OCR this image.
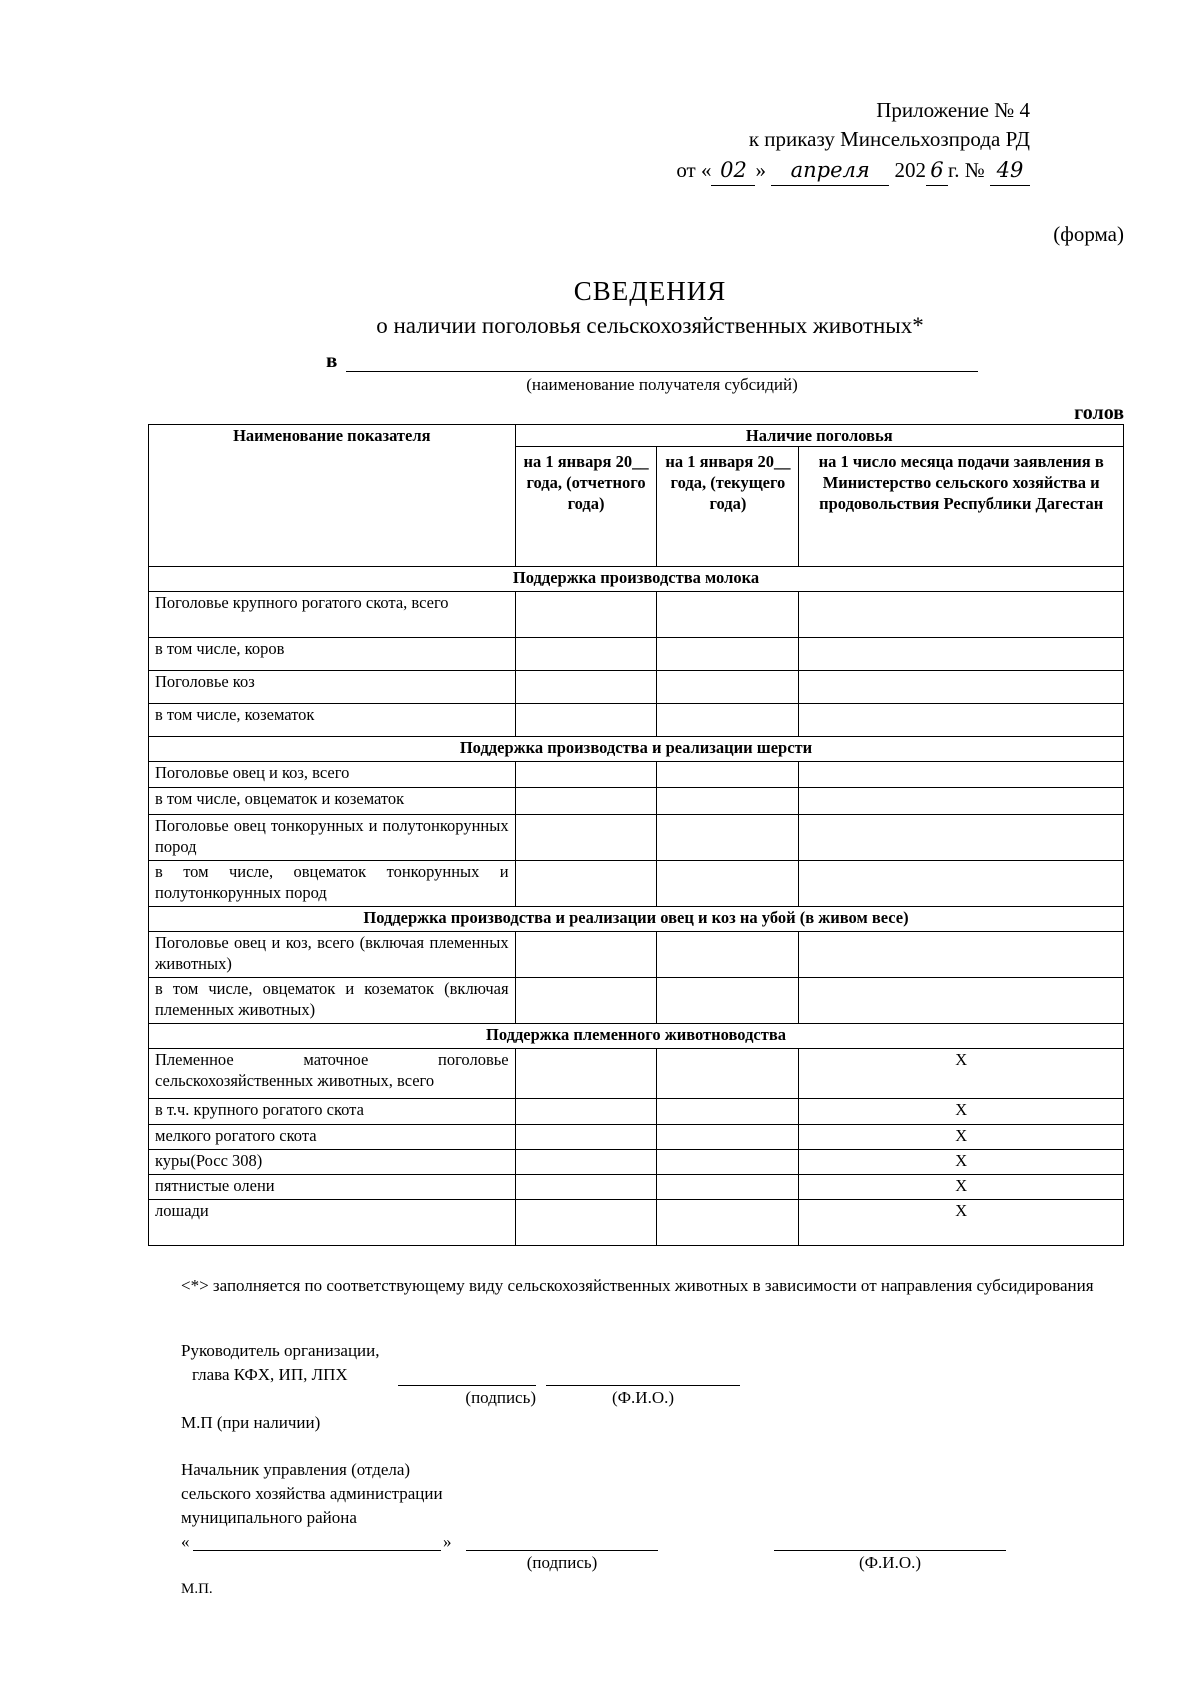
Приложение № 4
к приказу Минсельхозпрода РД
от « 02 » апреля 202 6 г. № 49
(форма)
СВЕДЕНИЯ
о наличии поголовья сельскохозяйственных животных*
в
(наименование получателя субсидий)
голов
Наименование показателя	Наличие поголовья		
	на 1 января 20__ года, (отчетного года)	на 1 января 20__ года, (текущего года)	на 1 число месяца подачи заявления в Министерство сельского хозяйства и продовольствия Республики Дагестан
Поддержка производства молока			
Поголовье крупного рогатого скота, всего			
в том числе, коров			
Поголовье коз			
в том числе, козематок			
Поддержка производства и реализации шерсти			
Поголовье овец и коз, всего			
в том числе, овцематок и козематок			
Поголовье овец тонкорунных и полутонкорунных пород			
в том числе, овцематок тонкорунных и полутонкорунных пород			
Поддержка производства и реализации овец и коз на убой (в живом весе)			
Поголовье овец и коз, всего (включая племенных животных)			
в том числе, овцематок и козематок (включая племенных животных)			
Поддержка племенного животноводства			
Племенное маточное поголовье сельскохозяйственных животных, всего			X
в т.ч. крупного рогатого скота			X
мелкого рогатого скота			X
куры(Росс 308)			X
пятнистые олени			X
лошади			X
<*> заполняется по соответствующему виду сельскохозяйственных животных в зависимости от направления субсидирования
Руководитель организации,
глава КФХ, ИП, ЛПХ
(подпись)	(Ф.И.О.)
М.П (при наличии)
Начальник управления (отдела)
сельского хозяйства администрации
муниципального района
«	»
(подпись)	(Ф.И.О.)
М.П.
